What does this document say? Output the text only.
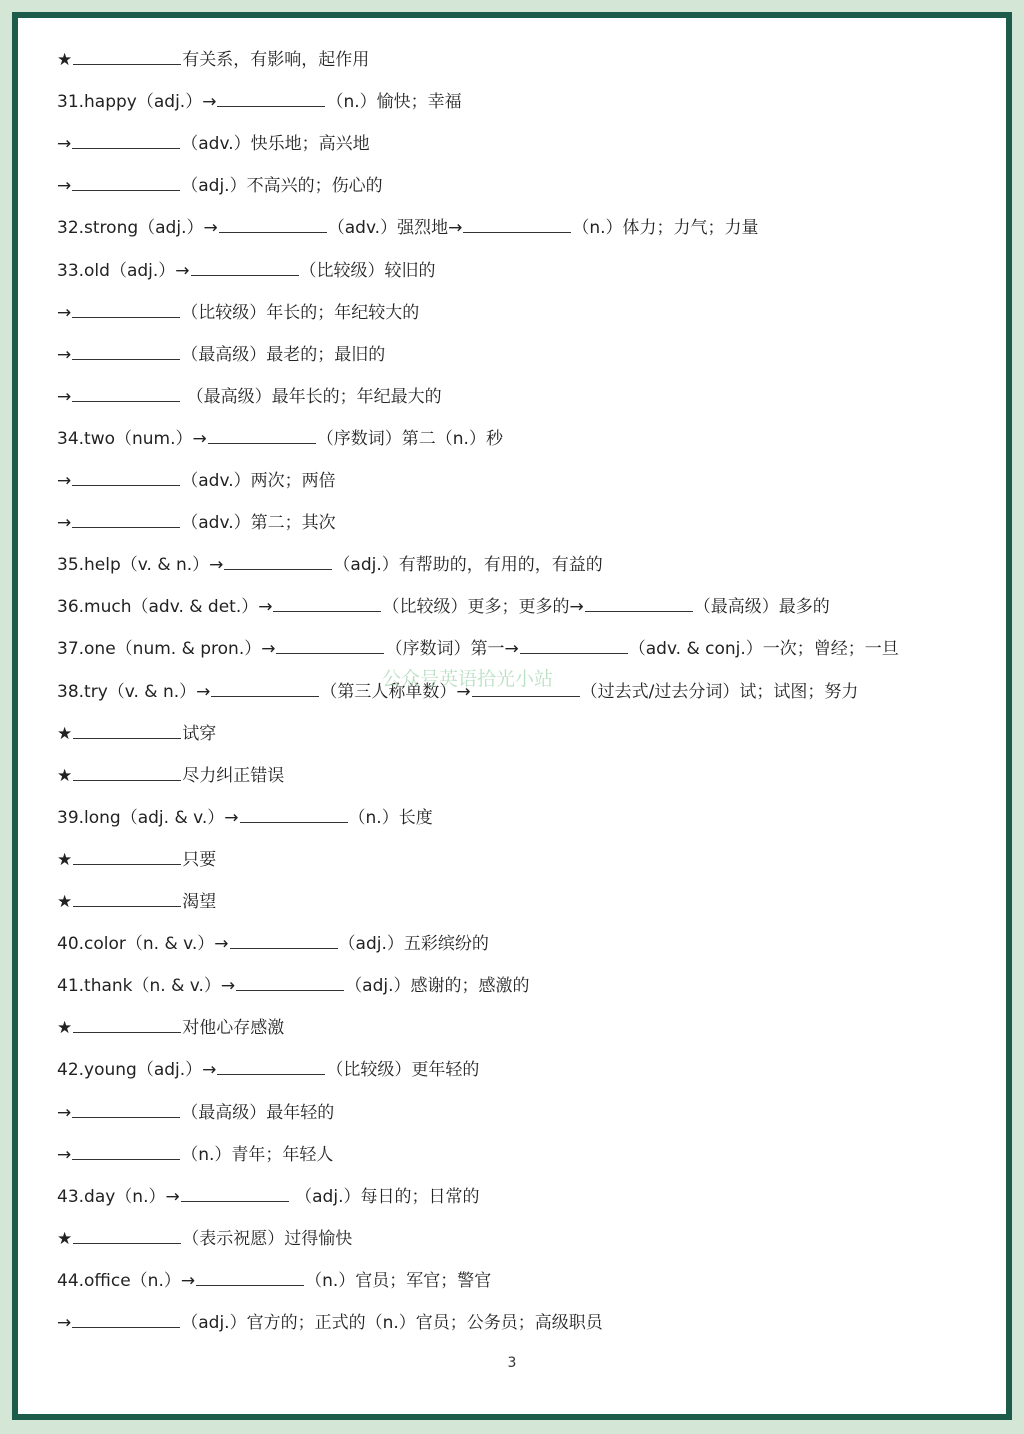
★	有关系，有影响，起作用
31.happy（adj.）→	（n.）愉快；幸福
→	（adv.）快乐地；高兴地
→	（adj.）不高兴的；伤心的
32.strong（adj.）→	（adv.）强烈地→	（n.）体力；力气；力量
33.old（adj.）→	（比较级）较旧的
→	（比较级）年长的；年纪较大的
→	（最高级）最老的；最旧的
→	（最高级）最年长的；年纪最大的
34.two（num.）→	（序数词）第二（n.）秒
→	（adv.）两次；两倍
→	（adv.）第二；其次
35.help（v. & n.）→	（adj.）有帮助的，有用的，有益的
36.much（adv. & det.）→	（比较级）更多；更多的→	（最高级）最多的
37.one（num. & pron.）→	（序数词）第一→	（adv. & conj.）一次；曾经；一旦
38.try（v. & n.）→	（第三人称单数）→	（过去式/过去分词）试；试图；努力
★	试穿
★	尽力纠正错误
39.long（adj. & v.）→	（n.）长度
★	只要
★	渴望
40.color（n. & v.）→	（adj.）五彩缤纷的
41.thank（n. & v.）→	（adj.）感谢的；感激的
★	对他心存感激
42.young（adj.）→	（比较级）更年轻的
→	（最高级）最年轻的
→	（n.）青年；年轻人
43.day（n.）→	（adj.）每日的；日常的
★	（表示祝愿）过得愉快
44.office（n.）→	（n.）官员；军官；警官
→	（adj.）官方的；正式的（n.）官员；公务员；高级职员
公众号英语拾光小站
3
